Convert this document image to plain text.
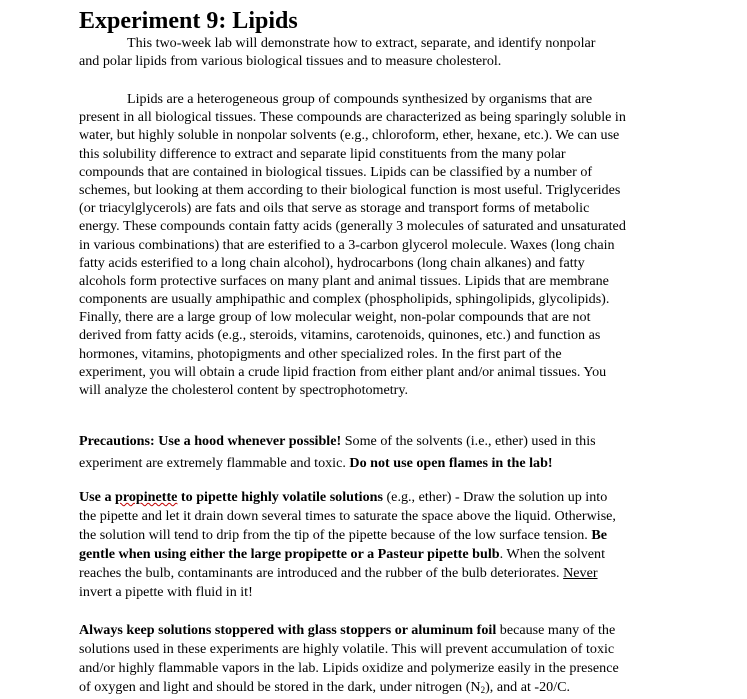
Experiment 9: Lipids
This two-week lab will demonstrate how to extract, separate, and identify nonpolar
and polar lipids from various biological tissues and to measure cholesterol.
Lipids are a heterogeneous group of compounds synthesized by organisms that are
present in all biological tissues. These compounds are characterized as being sparingly soluble in
water, but highly soluble in nonpolar solvents (e.g., chloroform, ether, hexane, etc.). We can use
this solubility difference to extract and separate lipid constituents from the many polar
compounds that are contained in biological tissues. Lipids can be classified by a number of
schemes, but looking at them according to their biological function is most useful. Triglycerides
(or triacylglycerols) are fats and oils that serve as storage and transport forms of metabolic
energy. These compounds contain fatty acids (generally 3 molecules of saturated and unsaturated
in various combinations) that are esterified to a 3-carbon glycerol molecule. Waxes (long chain
fatty acids esterified to a long chain alcohol), hydrocarbons (long chain alkanes) and fatty
alcohols form protective surfaces on many plant and animal tissues. Lipids that are membrane
components are usually amphipathic and complex (phospholipids, sphingolipids, glycolipids).
Finally, there are a large group of low molecular weight, non-polar compounds that are not
derived from fatty acids (e.g., steroids, vitamins, carotenoids, quinones, etc.) and function as
hormones, vitamins, photopigments and other specialized roles. In the first part of the
experiment, you will obtain a crude lipid fraction from either plant and/or animal tissues. You
will analyze the cholesterol content by spectrophotometry.
Precautions: Use a hood whenever possible! Some of the solvents (i.e., ether) used in this
experiment are extremely flammable and toxic. Do not use open flames in the lab!
Use a propinette to pipette highly volatile solutions (e.g., ether) - Draw the solution up into
the pipette and let it drain down several times to saturate the space above the liquid. Otherwise,
the solution will tend to drip from the tip of the pipette because of the low surface tension. Be
gentle when using either the large propipette or a Pasteur pipette bulb. When the solvent
reaches the bulb, contaminants are introduced and the rubber of the bulb deteriorates. Never
invert a pipette with fluid in it!
Always keep solutions stoppered with glass stoppers or aluminum foil because many of the
solutions used in these experiments are highly volatile. This will prevent accumulation of toxic
and/or highly flammable vapors in the lab. Lipids oxidize and polymerize easily in the presence
of oxygen and light and should be stored in the dark, under nitrogen $(N_2)$, and at -20/C.
